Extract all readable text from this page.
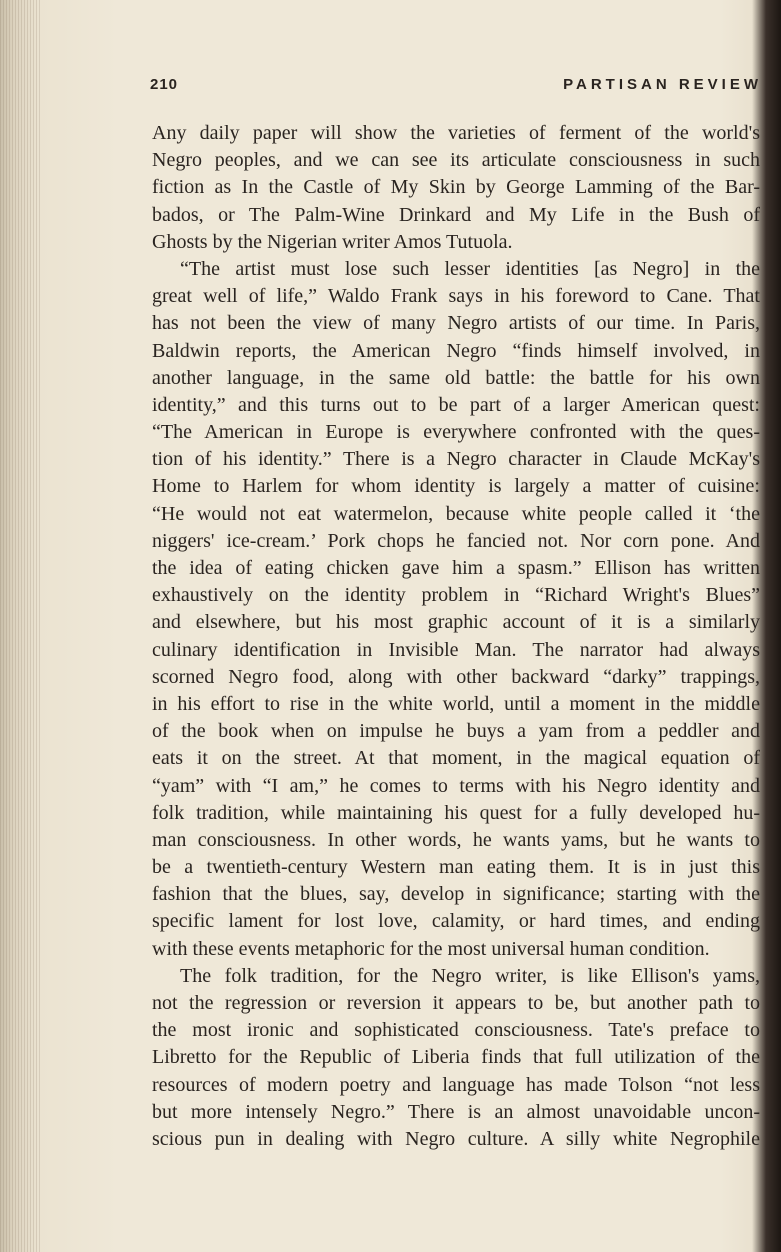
210	PARTISAN REVIEW
Any daily paper will show the varieties of ferment of the world's
Negro peoples, and we can see its articulate consciousness in such
fiction as In the Castle of My Skin by George Lamming of the Bar-
bados, or The Palm-Wine Drinkard and My Life in the Bush of
Ghosts by the Nigerian writer Amos Tutuola.
“The artist must lose such lesser identities [as Negro] in the
great well of life,” Waldo Frank says in his foreword to Cane. That
has not been the view of many Negro artists of our time. In Paris,
Baldwin reports, the American Negro “finds himself involved, in
another language, in the same old battle: the battle for his own
identity,” and this turns out to be part of a larger American quest:
“The American in Europe is everywhere confronted with the ques-
tion of his identity.” There is a Negro character in Claude McKay's
Home to Harlem for whom identity is largely a matter of cuisine:
“He would not eat watermelon, because white people called it ‘the
niggers' ice-cream.’ Pork chops he fancied not. Nor corn pone. And
the idea of eating chicken gave him a spasm.” Ellison has written
exhaustively on the identity problem in “Richard Wright's Blues”
and elsewhere, but his most graphic account of it is a similarly
culinary identification in Invisible Man. The narrator had always
scorned Negro food, along with other backward “darky” trappings,
in his effort to rise in the white world, until a moment in the middle
of the book when on impulse he buys a yam from a peddler and
eats it on the street. At that moment, in the magical equation of
“yam” with “I am,” he comes to terms with his Negro identity and
folk tradition, while maintaining his quest for a fully developed hu-
man consciousness. In other words, he wants yams, but he wants to
be a twentieth-century Western man eating them. It is in just this
fashion that the blues, say, develop in significance; starting with the
specific lament for lost love, calamity, or hard times, and ending
with these events metaphoric for the most universal human condition.
The folk tradition, for the Negro writer, is like Ellison's yams,
not the regression or reversion it appears to be, but another path to
the most ironic and sophisticated consciousness. Tate's preface to
Libretto for the Republic of Liberia finds that full utilization of the
resources of modern poetry and language has made Tolson “not less
but more intensely Negro.” There is an almost unavoidable uncon-
scious pun in dealing with Negro culture. A silly white Negrophile
